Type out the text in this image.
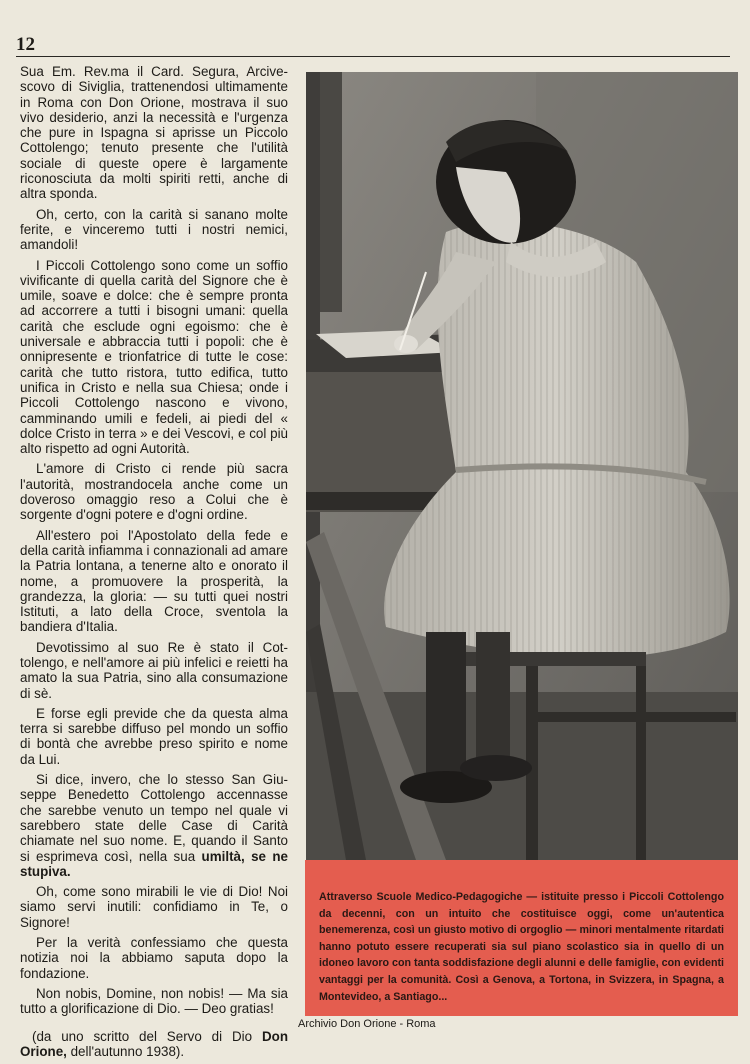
12

Sua Em. Rev.ma il Card. Segura, Arcivescovo di Siviglia, trattenendosi ultimamente in Roma con Don Orione, mostrava il suo vivo desiderio, anzi la necessità e l'urgenza che pure in Ispagna si aprisse un Piccolo Cottolengo; tenuto presente che l'utilità sociale di queste opere è largamente riconosciuta da molti spiriti retti, anche di altra sponda.

Oh, certo, con la carità si sanano molte ferite, e vinceremo tutti i nostri nemici, amandoli!

I Piccoli Cottolengo sono come un soffio vivificante di quella carità del Signore che è umile, soave e dolce: che è sempre pronta ad accorrere a tutti i bisogni umani: quella carità che esclude ogni egoismo: che è universale e abbraccia tutti i popoli: che è onnipresente e trionfatrice di tutte le cose: carità che tutto ristora, tutto edifica, tutto unifica in Cristo e nella sua Chiesa; onde i Piccoli Cottolengo nascono e vivono, camminando umili e fedeli, ai piedi del « dolce Cristo in terra » e dei Vescovi, e col più alto rispetto ad ogni Autorità.

L'amore di Cristo ci rende più sacra l'autorità, mostrandocela anche come un doveroso omaggio reso a Colui che è sorgente d'ogni potere e d'ogni ordine.

All'estero poi l'Apostolato della fede e della carità infiamma i connazionali ad amare la Patria lontana, a tenerne alto e onorato il nome, a promuovere la prosperità, la grandezza, la gloria: — su tutti quei nostri Istituti, a lato della Croce, sventola la bandiera d'Italia.

Devotissimo al suo Re è stato il Cottolengo, e nell'amore ai più infelici e reietti ha amato la sua Patria, sino alla consumazione di sè.

E forse egli previde che da questa alma terra si sarebbe diffuso pel mondo un soffio di bontà che avrebbe preso spirito e nome da Lui.

Si dice, invero, che lo stesso San Giuseppe Benedetto Cottolengo accennasse che sarebbe venuto un tempo nel quale vi sarebbero state delle Case di Carità chiamate nel suo nome. E, quando il Santo si esprimeva così, nella sua umiltà, se ne stupiva.

Oh, come sono mirabili le vie di Dio! Noi siamo servi inutili: confidiamo in Te, o Signore!

Per la verità confessiamo che questa notizia noi la abbiamo saputa dopo la fondazione.

Non nobis, Domine, non nobis! — Ma sia tutto a glorificazione di Dio. — Deo gratias!

(da uno scritto del Servo di Dio Don Orione, dell'autunno 1938).

Attraverso Scuole Medico-Pedagogiche — istituite presso i Piccoli Cottolengo da decenni, con un intuito che costituisce oggi, come un'autentica benemerenza, così un giusto motivo di orgoglio — minori mentalmente ritardati hanno potuto essere recuperati sia sul piano scolastico sia in quello di un idoneo lavoro con tanta soddisfazione degli alunni e delle famiglie, con evidenti vantaggi per la comunità. Così a Genova, a Tortona, in Svizzera, in Spagna, a Montevideo, a Santiago...
Archivio Don Orione - Roma
